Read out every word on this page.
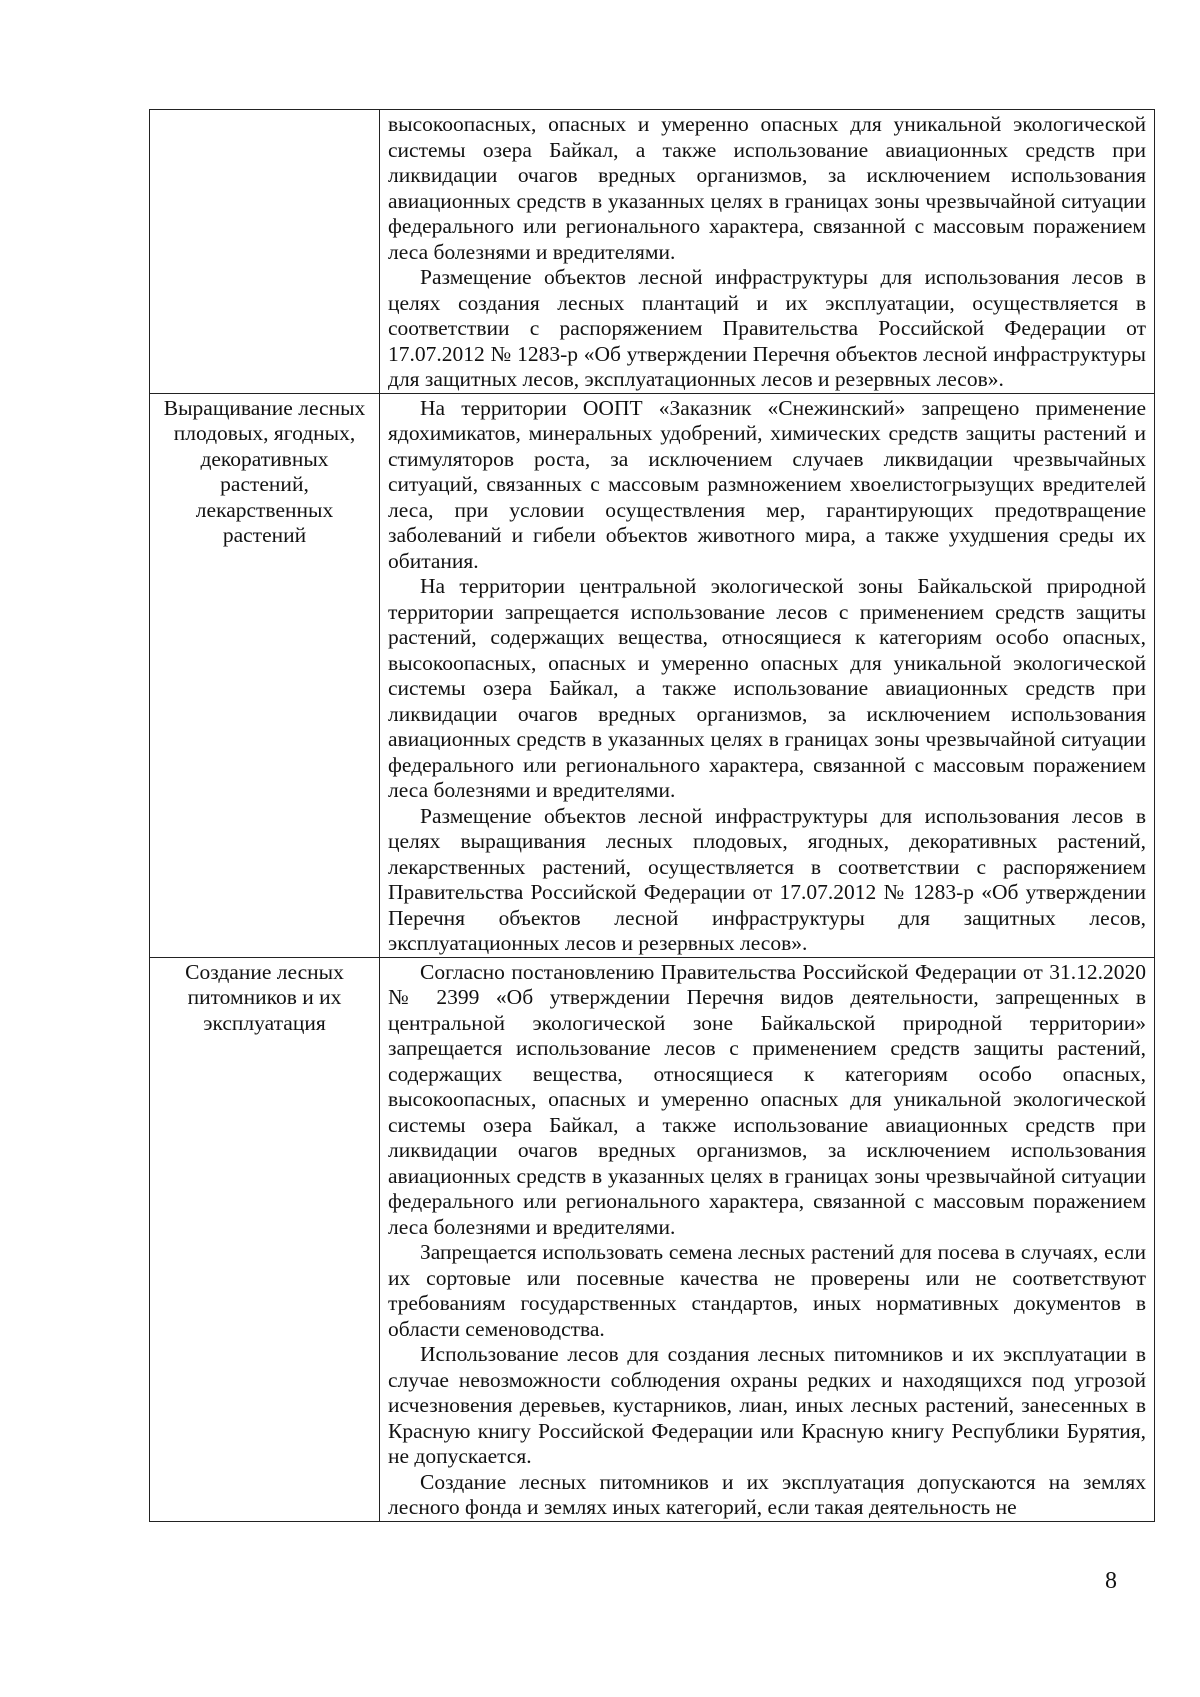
	высокоопасных, опасных и умеренно опасных для уникальной экологической системы озера Байкал, а также использование авиационных средств при ликвидации очагов вредных организмов, за исключением использования авиационных средств в указанных целях в границах зоны чрезвычайной ситуации федерального или регионального характера, связанной с массовым поражением леса болезнями и вредителями.

Размещение объектов лесной инфраструктуры для использования лесов в целях создания лесных плантаций и их эксплуатации, осуществляется в соответствии с распоряжением Правительства Российской Федерации от 17.07.2012 № 1283-р «Об утверждении Перечня объектов лесной инфраструктуры для защитных лесов, эксплуатационных лесов и резервных лесов».

Выращивание лесных плодовых, ягодных, декоративных растений, лекарственных растений	На территории ООПТ «Заказник «Снежинский» запрещено применение ядохимикатов, минеральных удобрений, химических средств защиты растений и стимуляторов роста, за исключением случаев ликвидации чрезвычайных ситуаций, связанных с массовым размножением хвоелистогрызущих вредителей леса, при условии осуществления мер, гарантирующих предотвращение заболеваний и гибели объектов животного мира, а также ухудшения среды их обитания.

На территории центральной экологической зоны Байкальской природной территории запрещается использование лесов с применением средств защиты растений, содержащих вещества, относящиеся к категориям особо опасных, высокоопасных, опасных и умеренно опасных для уникальной экологической системы озера Байкал, а также использование авиационных средств при ликвидации очагов вредных организмов, за исключением использования авиационных средств в указанных целях в границах зоны чрезвычайной ситуации федерального или регионального характера, связанной с массовым поражением леса болезнями и вредителями.

Размещение объектов лесной инфраструктуры для использования лесов в целях выращивания лесных плодовых, ягодных, декоративных растений, лекарственных растений, осуществляется в соответствии с распоряжением Правительства Российской Федерации от 17.07.2012 № 1283-р «Об утверждении Перечня объектов лесной инфраструктуры для защитных лесов, эксплуатационных лесов и резервных лесов».

Создание лесных питомников и их эксплуатация	Согласно постановлению Правительства Российской Федерации от 31.12.2020 № 2399 «Об утверждении Перечня видов деятельности, запрещенных в центральной экологической зоне Байкальской природной территории» запрещается использование лесов с применением средств защиты растений, содержащих вещества, относящиеся к категориям особо опасных, высокоопасных, опасных и умеренно опасных для уникальной экологической системы озера Байкал, а также использование авиационных средств при ликвидации очагов вредных организмов, за исключением использования авиационных средств в указанных целях в границах зоны чрезвычайной ситуации федерального или регионального характера, связанной с массовым поражением леса болезнями и вредителями.

Запрещается использовать семена лесных растений для посева в случаях, если их сортовые или посевные качества не проверены или не соответствуют требованиям государственных стандартов, иных нормативных документов в области семеноводства.

Использование лесов для создания лесных питомников и их эксплуатации в случае невозможности соблюдения охраны редких и находящихся под угрозой исчезновения деревьев, кустарников, лиан, иных лесных растений, занесенных в Красную книгу Российской Федерации или Красную книгу Республики Бурятия, не допускается.

Создание лесных питомников и их эксплуатация допускаются на землях лесного фонда и землях иных категорий, если такая деятельность не

8
